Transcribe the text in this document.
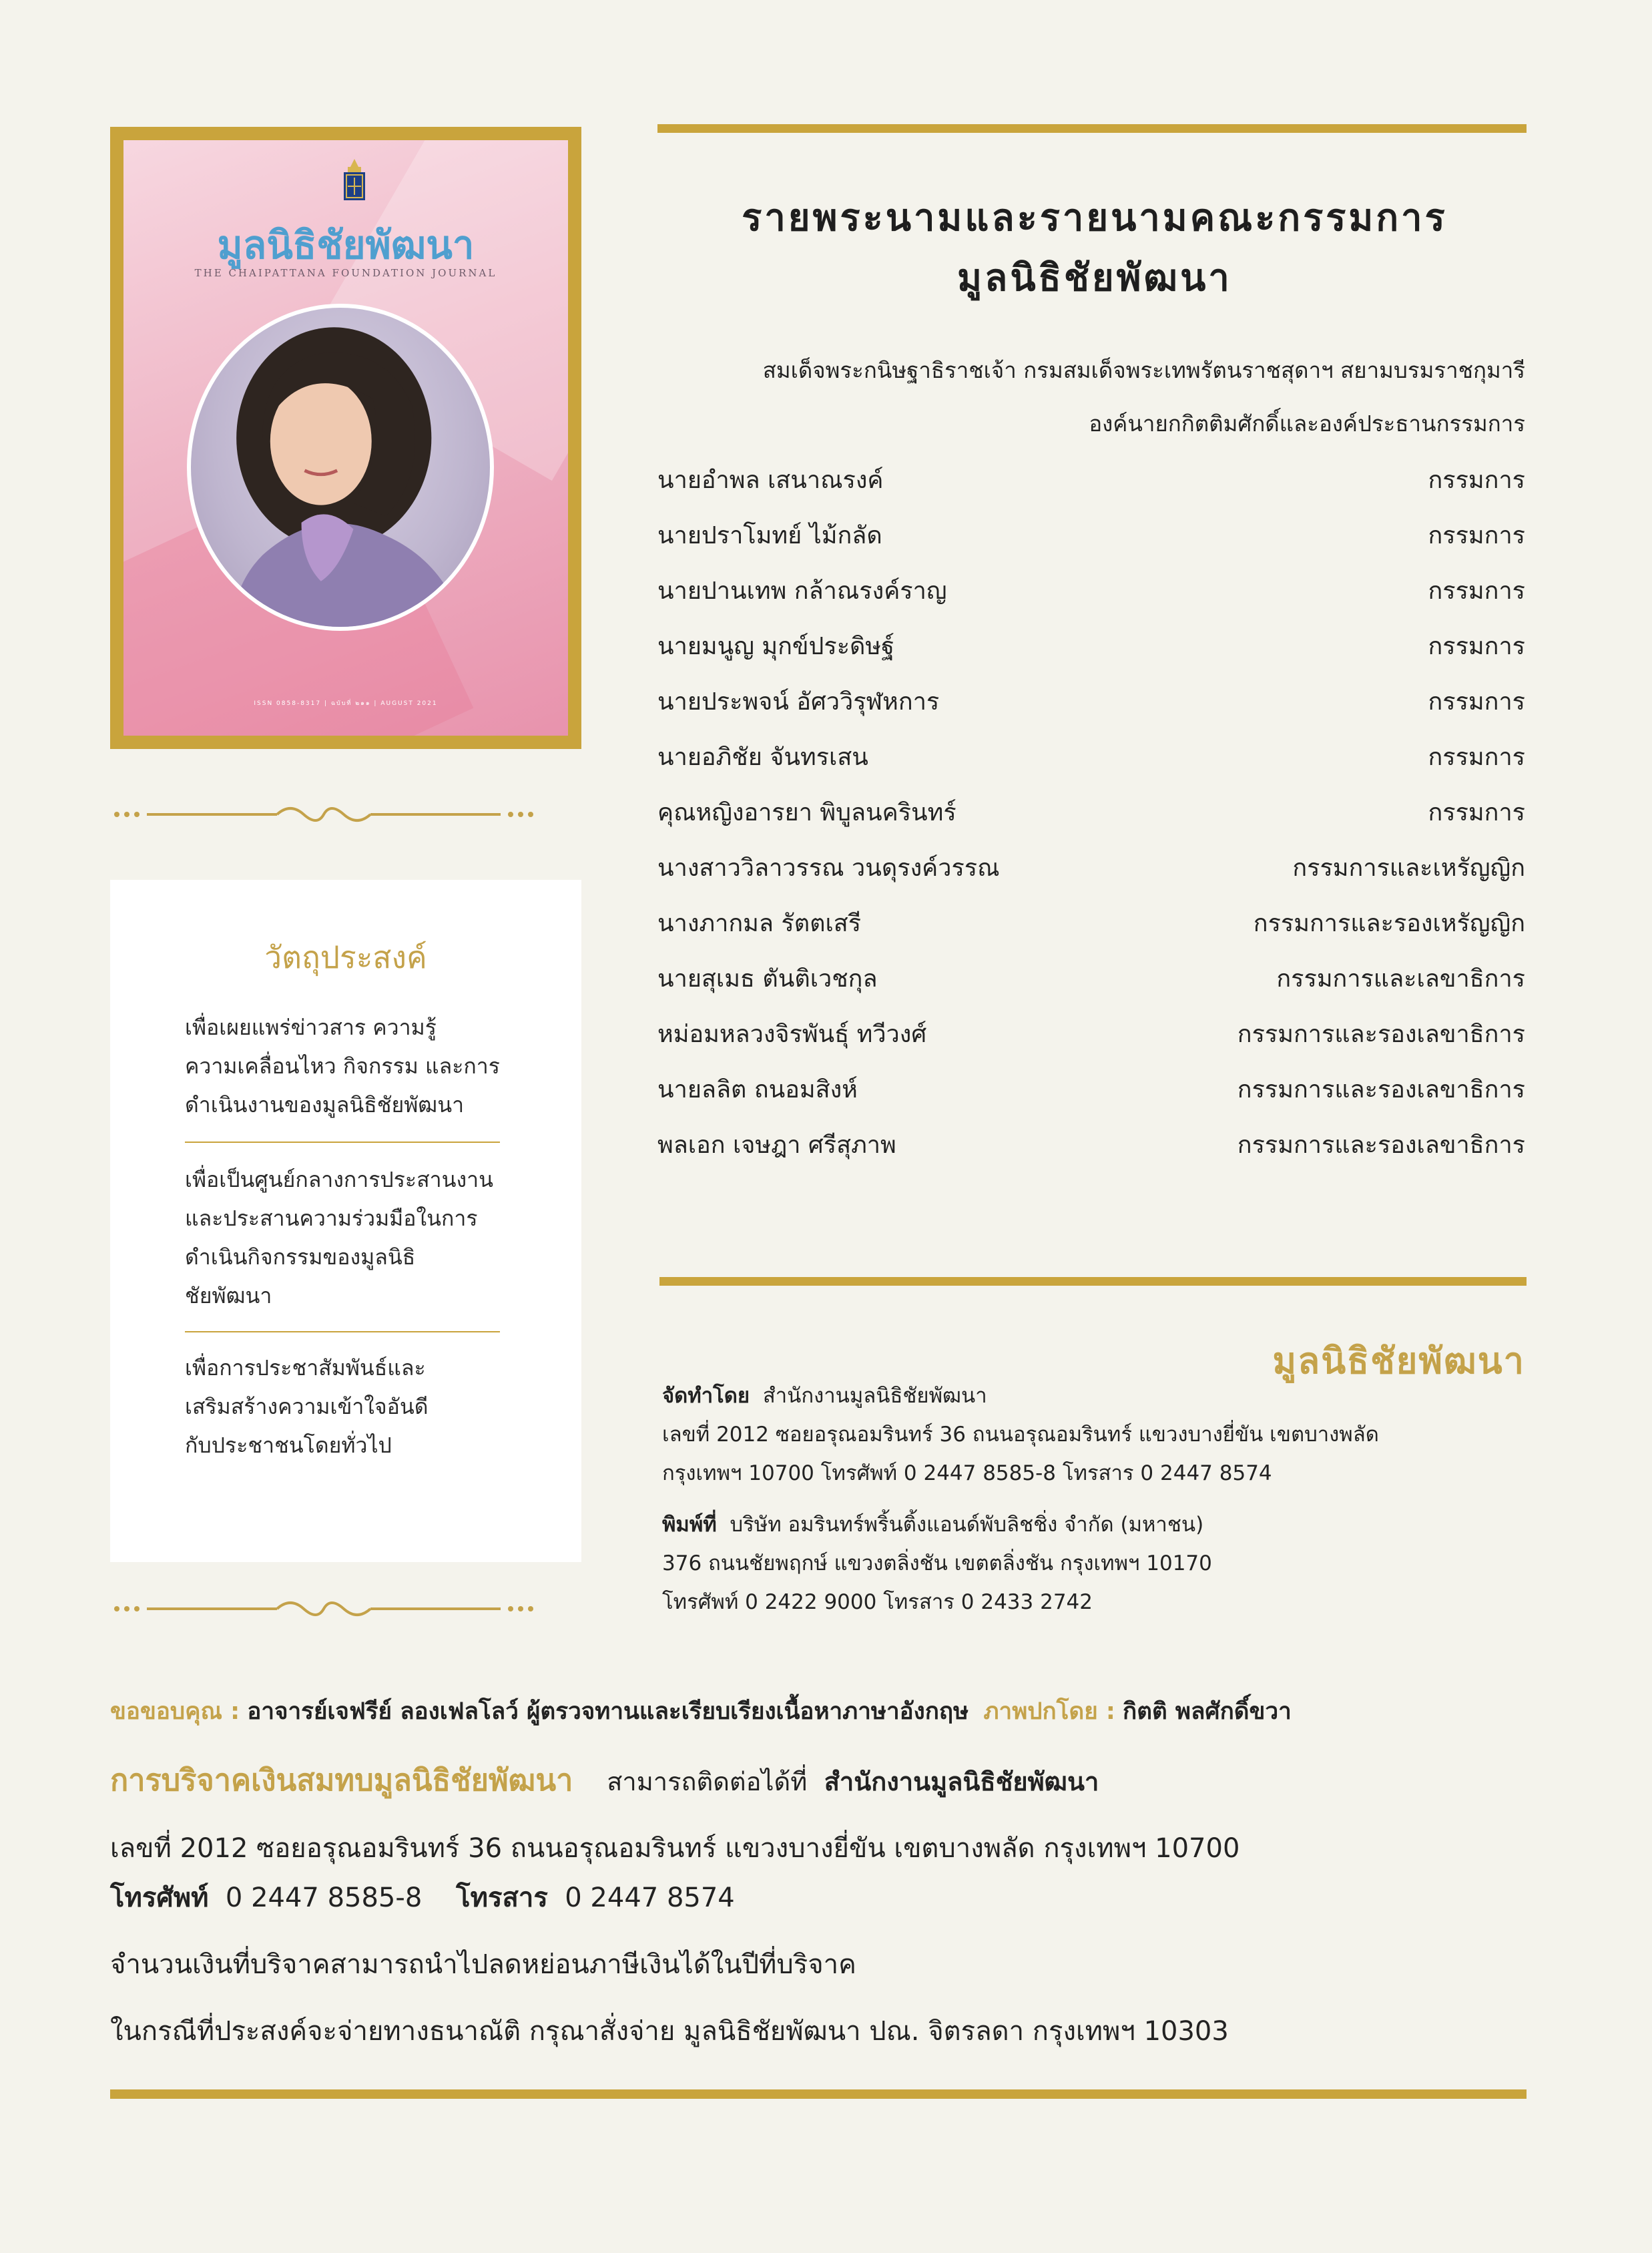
มูลนิธิชัยพัฒนา
THE CHAIPATTANA FOUNDATION JOURNAL
ISSN 0858-8317 | ฉบับที่ ๒๑๑ | AUGUST 2021
วัตถุประสงค์
เพื่อเผยแพร่ข่าวสาร ความรู้
ความเคลื่อนไหว กิจกรรม และการ
ดำเนินงานของมูลนิธิชัยพัฒนา
เพื่อเป็นศูนย์กลางการประสานงาน
และประสานความร่วมมือในการ
ดำเนินกิจกรรมของมูลนิธิ
ชัยพัฒนา
เพื่อการประชาสัมพันธ์และ
เสริมสร้างความเข้าใจอันดี
กับประชาชนโดยทั่วไป
รายพระนามและรายนามคณะกรรมการ
มูลนิธิชัยพัฒนา
สมเด็จพระกนิษฐาธิราชเจ้า กรมสมเด็จพระเทพรัตนราชสุดาฯ สยามบรมราชกุมารี
องค์นายกกิตติมศักดิ์และองค์ประธานกรรมการ
นายอำพล เสนาณรงค์	กรรมการ
นายปราโมทย์ ไม้กลัด	กรรมการ
นายปานเทพ กล้าณรงค์ราญ	กรรมการ
นายมนูญ มุกข์ประดิษฐ์	กรรมการ
นายประพจน์ อัศววิรุฬหการ	กรรมการ
นายอภิชัย จันทรเสน	กรรมการ
คุณหญิงอารยา พิบูลนครินทร์	กรรมการ
นางสาววิลาวรรณ วนดุรงค์วรรณ	กรรมการและเหรัญญิก
นางภากมล รัตตเสรี	กรรมการและรองเหรัญญิก
นายสุเมธ ตันติเวชกุล	กรรมการและเลขาธิการ
หม่อมหลวงจิรพันธุ์ ทวีวงศ์	กรรมการและรองเลขาธิการ
นายลลิต ถนอมสิงห์	กรรมการและรองเลขาธิการ
พลเอก เจษฎา ศรีสุภาพ	กรรมการและรองเลขาธิการ
มูลนิธิชัยพัฒนา
จัดทำโดย สำนักงานมูลนิธิชัยพัฒนา
เลขที่ 2012 ซอยอรุณอมรินทร์ 36 ถนนอรุณอมรินทร์ แขวงบางยี่ขัน เขตบางพลัด
กรุงเทพฯ 10700 โทรศัพท์ 0 2447 8585-8 โทรสาร 0 2447 8574
พิมพ์ที่ บริษัท อมรินทร์พริ้นติ้งแอนด์พับลิชชิ่ง จำกัด (มหาชน)
376 ถนนชัยพฤกษ์ แขวงตลิ่งชัน เขตตลิ่งชัน กรุงเทพฯ 10170
โทรศัพท์ 0 2422 9000 โทรสาร 0 2433 2742
ขอขอบคุณ : อาจารย์เจฟรีย์ ลองเฟลโลว์ ผู้ตรวจทานและเรียบเรียงเนื้อหาภาษาอังกฤษ ภาพปกโดย : กิตติ พลศักดิ์ขวา
การบริจาคเงินสมทบมูลนิธิชัยพัฒนา สามารถติดต่อได้ที่ สำนักงานมูลนิธิชัยพัฒนา
เลขที่ 2012 ซอยอรุณอมรินทร์ 36 ถนนอรุณอมรินทร์ แขวงบางยี่ขัน เขตบางพลัด กรุงเทพฯ 10700
โทรศัพท์ 0 2447 8585-8 โทรสาร 0 2447 8574
จำนวนเงินที่บริจาคสามารถนำไปลดหย่อนภาษีเงินได้ในปีที่บริจาค
ในกรณีที่ประสงค์จะจ่ายทางธนาณัติ กรุณาสั่งจ่าย มูลนิธิชัยพัฒนา ปณ. จิตรลดา กรุงเทพฯ 10303
